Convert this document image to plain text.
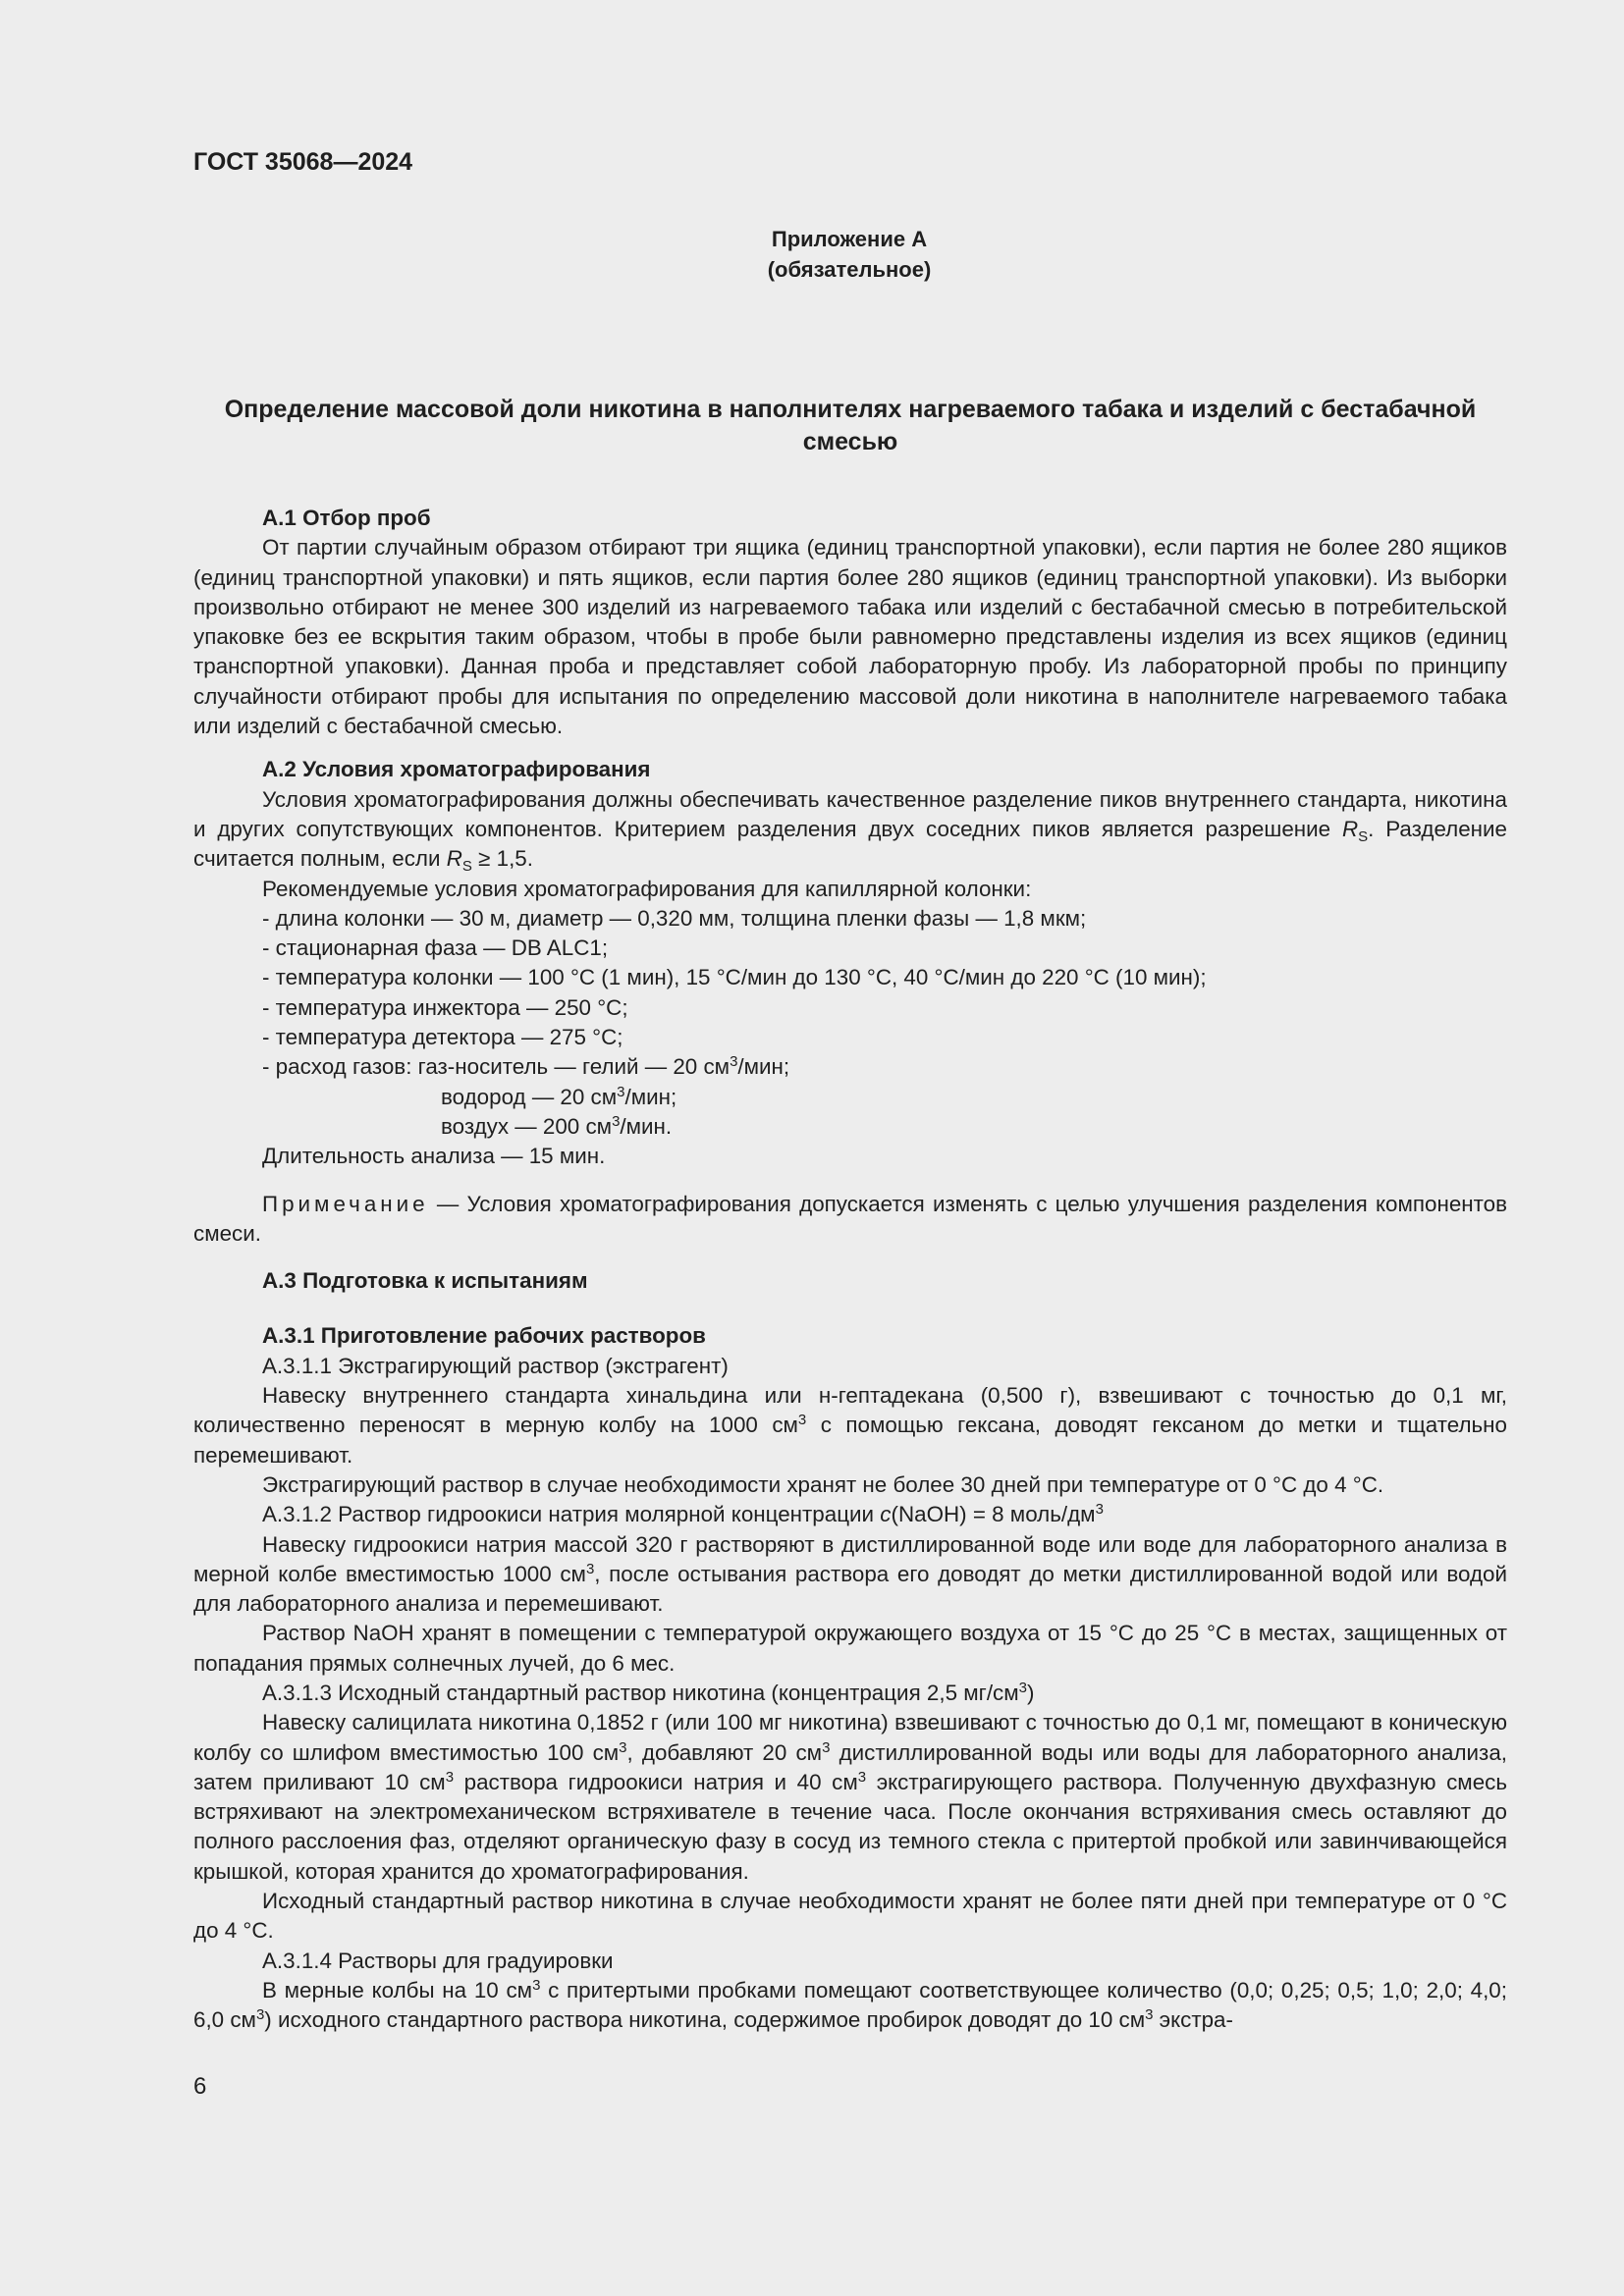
ГОСТ 35068—2024
Приложение А
(обязательное)
Определение массовой доли никотина в наполнителях нагреваемого табака и изделий с бестабачной смесью

А.1 Отбор проб

От партии случайным образом отбирают три ящика (единиц транспортной упаковки), если партия не более 280 ящиков (единиц транспортной упаковки) и пять ящиков, если партия более 280 ящиков (единиц транспортной упаковки). Из выборки произвольно отбирают не менее 300 изделий из нагреваемого табака или изделий с бестабачной смесью в потребительской упаковке без ее вскрытия таким образом, чтобы в пробе были равномерно представлены изделия из всех ящиков (единиц транспортной упаковки). Данная проба и представляет собой лабораторную пробу. Из лабораторной пробы по принципу случайности отбирают пробы для испытания по определению массовой доли никотина в наполнителе нагреваемого табака или изделий с бестабачной смесью.

А.2 Условия хроматографирования

Условия хроматографирования должны обеспечивать качественное разделение пиков внутреннего стандарта, никотина и других сопутствующих компонентов. Критерием разделения двух соседних пиков является разрешение $R_S$. Разделение считается полным, если $R_S \ge 1,5$.

Рекомендуемые условия хроматографирования для капиллярной колонки:

- длина колонки — 30 м, диаметр — 0,320 мм, толщина пленки фазы — 1,8 мкм;

- стационарная фаза — DB ALC1;

- температура колонки — 100 °С (1 мин), 15 °С/мин до 130 °С, 40 °С/мин до 220 °С (10 мин);

- температура инжектора — 250 °С;

- температура детектора — 275 °С;

- расход газов: газ-носитель — гелий — 20 $см^3$/мин;

водород — 20 $см^3$/мин;

воздух — 200 $см^3$/мин.

Длительность анализа — 15 мин.

Примечание — Условия хроматографирования допускается изменять с целью улучшения разделения компонентов смеси.

А.3 Подготовка к испытаниям

А.3.1 Приготовление рабочих растворов

А.3.1.1 Экстрагирующий раствор (экстрагент)

Навеску внутреннего стандарта хинальдина или н-гептадекана (0,500 г), взвешивают с точностью до 0,1 мг, количественно переносят в мерную колбу на 1000 $см^3$ с помощью гексана, доводят гексаном до метки и тщательно перемешивают.

Экстрагирующий раствор в случае необходимости хранят не более 30 дней при температуре от 0 °С до 4 °С.

А.3.1.2 Раствор гидроокиси натрия молярной концентрации c(NaOH) = 8 моль/$дм^3$

Навеску гидроокиси натрия массой 320 г растворяют в дистиллированной воде или воде для лабораторного анализа в мерной колбе вместимостью 1000 $см^3$, после остывания раствора его доводят до метки дистиллированной водой или водой для лабораторного анализа и перемешивают.

Раствор NaOH хранят в помещении с температурой окружающего воздуха от 15 °С до 25 °С в местах, защищенных от попадания прямых солнечных лучей, до 6 мес.

А.3.1.3 Исходный стандартный раствор никотина (концентрация 2,5 $мг/см^3$)

Навеску салицилата никотина 0,1852 г (или 100 мг никотина) взвешивают с точностью до 0,1 мг, помещают в коническую колбу со шлифом вместимостью 100 $см^3$, добавляют 20 $см^3$ дистиллированной воды или воды для лабораторного анализа, затем приливают 10 $см^3$ раствора гидроокиси натрия и 40 $см^3$ экстрагирующего раствора. Полученную двухфазную смесь встряхивают на электромеханическом встряхивателе в течение часа. После окончания встряхивания смесь оставляют до полного расслоения фаз, отделяют органическую фазу в сосуд из темного стекла с притертой пробкой или завинчивающейся крышкой, которая хранится до хроматографирования.

Исходный стандартный раствор никотина в случае необходимости хранят не более пяти дней при температуре от 0 °С до 4 °С.

А.3.1.4 Растворы для градуировки

В мерные колбы на 10 $см^3$ с притертыми пробками помещают соответствующее количество (0,0; 0,25; 0,5; 1,0; 2,0; 4,0; 6,0 $см^3$) исходного стандартного раствора никотина, содержимое пробирок доводят до 10 $см^3$ экстра-

6
